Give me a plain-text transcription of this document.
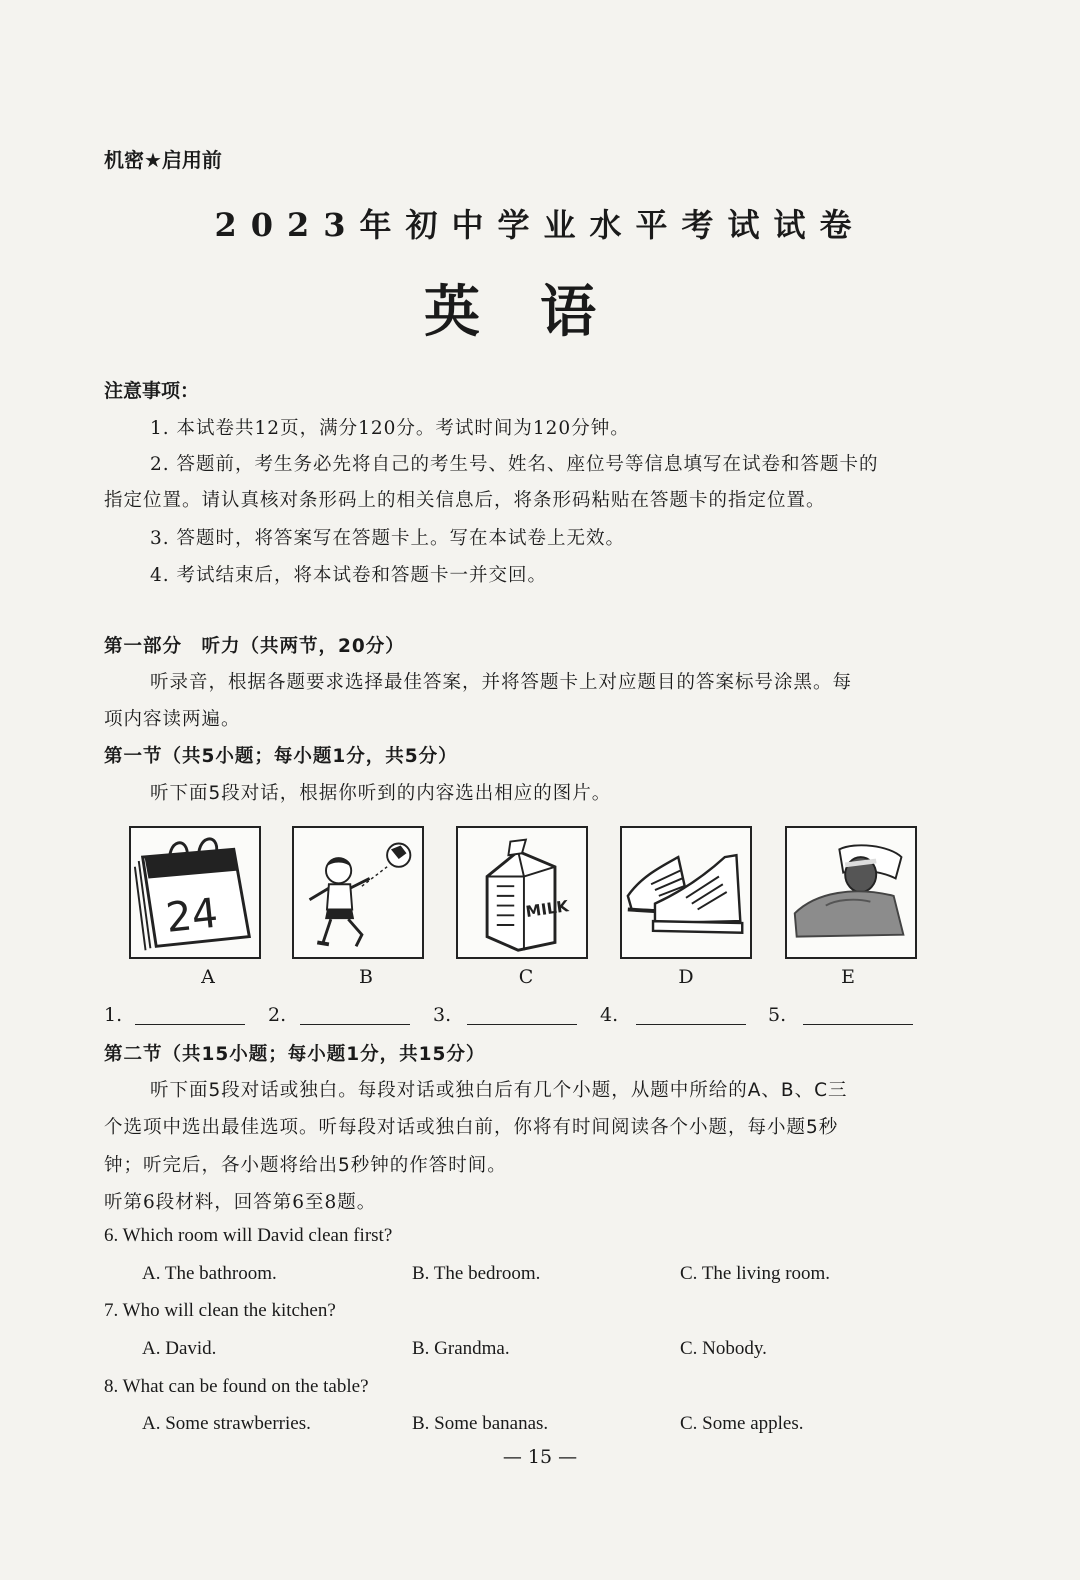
机密★启用前
2023年初中学业水平考试试卷
英语
注意事项：
1. 本试卷共12页，满分120分。考试时间为120分钟。
2. 答题前，考生务必先将自己的考生号、姓名、座位号等信息填写在试卷和答题卡的
指定位置。请认真核对条形码上的相关信息后，将条形码粘贴在答题卡的指定位置。
3. 答题时，将答案写在答题卡上。写在本试卷上无效。
4. 考试结束后，将本试卷和答题卡一并交回。
第一部分　听力（共两节，20分）
听录音，根据各题要求选择最佳答案，并将答题卡上对应题目的答案标号涂黑。每
项内容读两遍。
第一节（共5小题；每小题1分，共5分）
听下面5段对话，根据你听到的内容选出相应的图片。
24	MILK
A	B	C	D	E
1.	2.	3.	4.	5.
第二节（共15小题；每小题1分，共15分）
听下面5段对话或独白。每段对话或独白后有几个小题，从题中所给的A、B、C三
个选项中选出最佳选项。听每段对话或独白前，你将有时间阅读各个小题，每小题5秒
钟；听完后，各小题将给出5秒钟的作答时间。
听第6段材料，回答第6至8题。
6. Which room will David clean first?
A. The bathroom.	B. The bedroom.	C. The living room.
7. Who will clean the kitchen?
A. David.	B. Grandma.	C. Nobody.
8. What can be found on the table?
A. Some strawberries.	B. Some bananas.	C. Some apples.
— 15 —
